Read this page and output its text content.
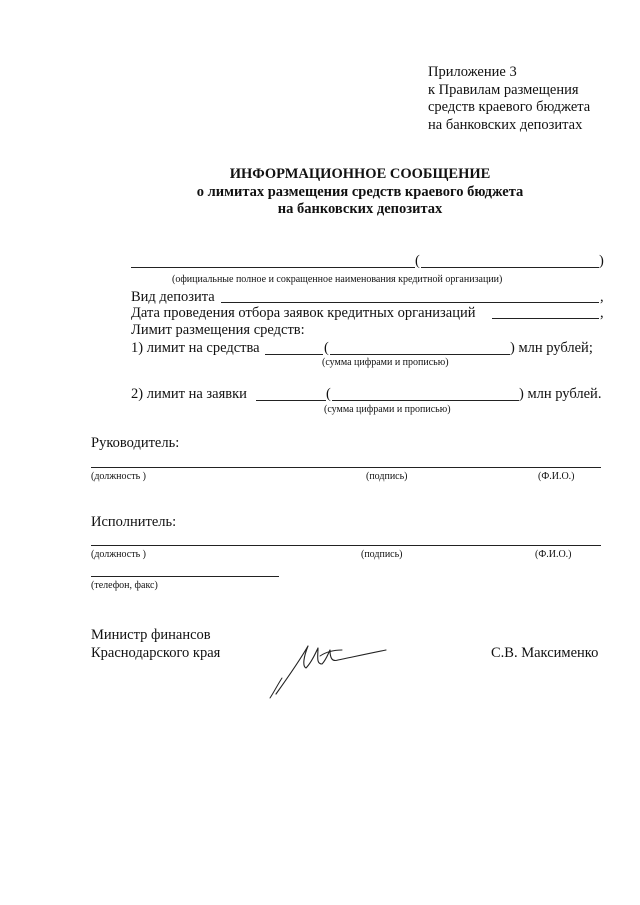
Приложение 3
к Правилам размещения
средств краевого бюджета
на банковских депозитах
ИНФОРМАЦИОННОЕ СООБЩЕНИЕ
о лимитах размещения средств краевого бюджета
на банковских депозитах
(	)
(официальные полное и сокращенное наименования кредитной организации)
Вид депозита	,
Дата проведения отбора заявок кредитных организаций	,
Лимит размещения средств:
1) лимит на средства	(	) млн рублей;
(сумма цифрами и прописью)
2) лимит на заявки	(	) млн рублей.
(сумма цифрами и прописью)
Руководитель:
(должность )	(подпись)	(Ф.И.О.)
Исполнитель:
(должность )	(подпись)	(Ф.И.О.)
(телефон, факс)
Министр финансов
Краснодарского края	С.В. Максименко
